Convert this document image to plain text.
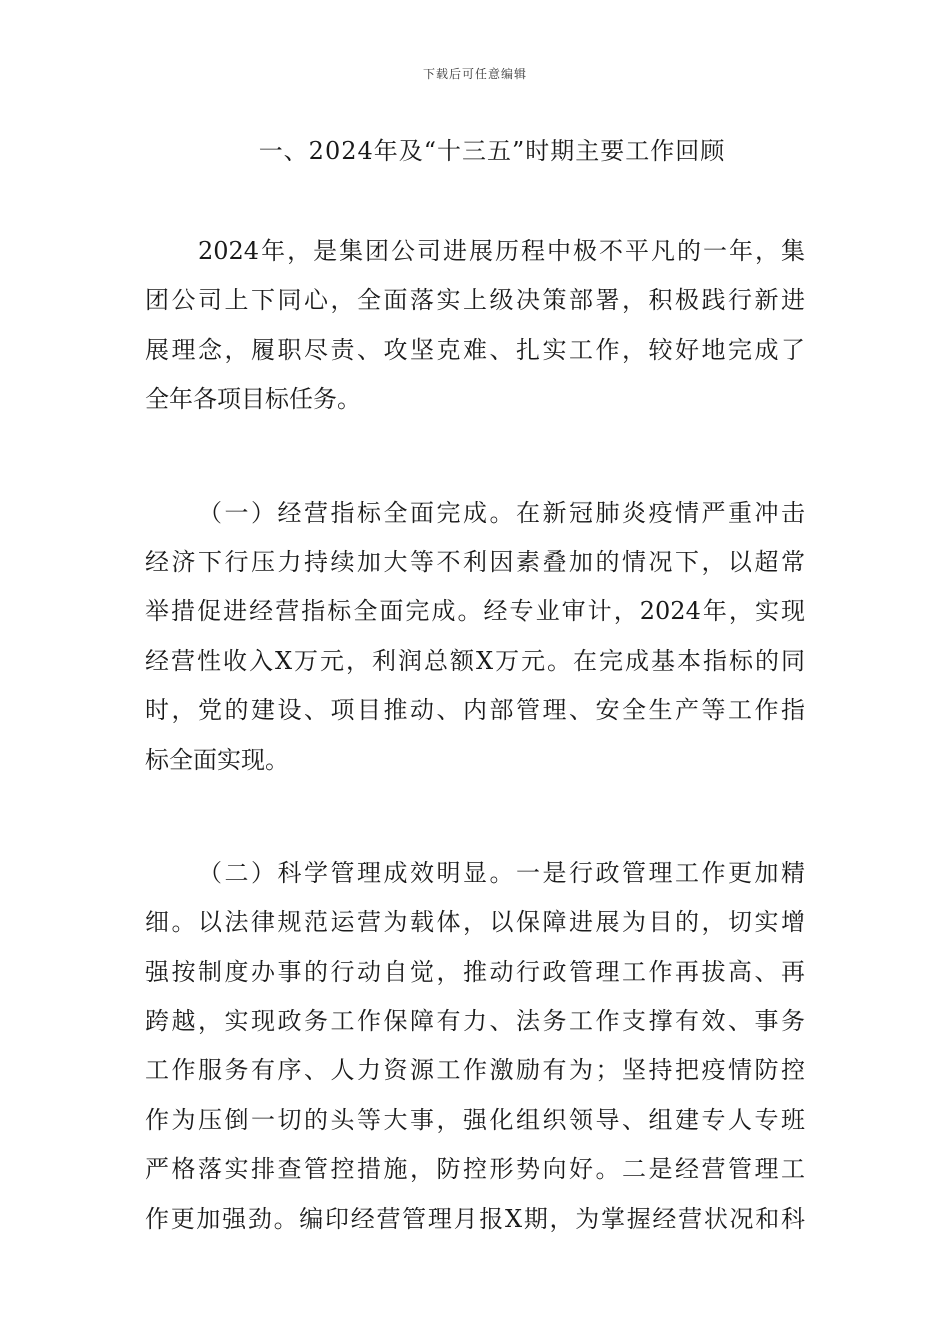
下载后可任意编辑
一、2024年及“十三五”时期主要工作回顾

2024年，是集团公司进展历程中极不平凡的一年，集
团公司上下同心，全面落实上级决策部署，积极践行新进
展理念，履职尽责、攻坚克难、扎实工作，较好地完成了
全年各项目标任务。

（一）经营指标全面完成。在新冠肺炎疫情严重冲击
经济下行压力持续加大等不利因素叠加的情况下，以超常
举措促进经营指标全面完成。经专业审计，2024年，实现
经营性收入X万元，利润总额X万元。在完成基本指标的同
时，党的建设、项目推动、内部管理、安全生产等工作指
标全面实现。

（二）科学管理成效明显。一是行政管理工作更加精
细。以法律规范运营为载体，以保障进展为目的，切实增
强按制度办事的行动自觉，推动行政管理工作再拔高、再
跨越，实现政务工作保障有力、法务工作支撑有效、事务
工作服务有序、人力资源工作激励有为；坚持把疫情防控
作为压倒一切的头等大事，强化组织领导、组建专人专班
严格落实排查管控措施，防控形势向好。二是经营管理工
作更加强劲。编印经营管理月报X期，为掌握经营状况和科
